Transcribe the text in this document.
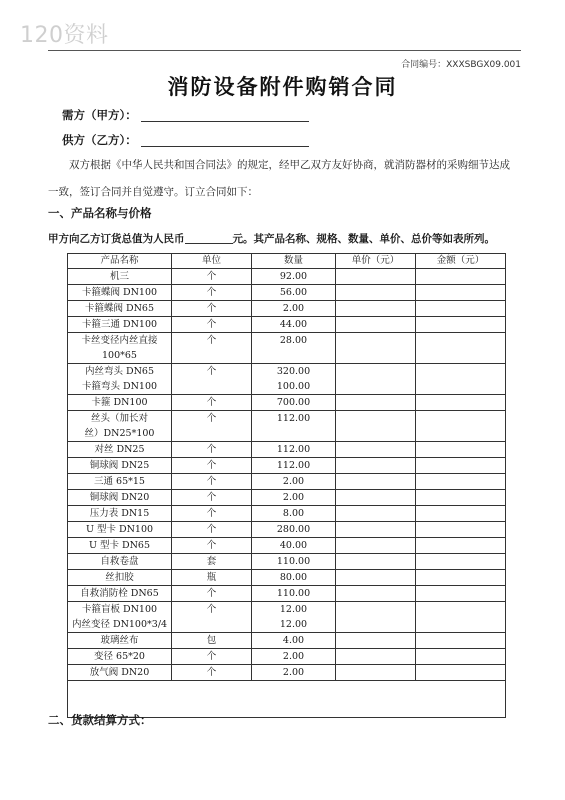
120资料
合同编号：XXXSBGX09.001
消防设备附件购销合同
需方（甲方）：
供方（乙方）：
双方根据《中华人民共和国合同法》的规定，经甲乙双方友好协商，就消防器材的采购细节达成一致，签订合同并自觉遵守。订立合同如下：
一、产品名称与价格
甲方向乙方订货总值为人民币	元。其产品名称、规格、数量、单价、总价等如表所列。
产品名称	单位	数量	单价（元）	金额（元）

机三	个	92.00		

卡箍蝶阀 DN100	个	56.00		

卡箍蝶阀 DN65	个	2.00		

卡箍三通 DN100	个	44.00		

卡丝变径内丝直接
100*65	个	28.00		

内丝弯头 DN65
卡箍弯头 DN100	个	320.00
100.00		

卡箍 DN100	个	700.00		

丝头（加长对
丝）DN25*100	个	112.00		

对丝 DN25	个	112.00		

铜球阀 DN25	个	112.00		

三通 65*15	个	2.00		

铜球阀 DN20	个	2.00		

压力表 DN15	个	8.00		

U 型卡 DN100	个	280.00		

U 型卡 DN65	个	40.00		

自救卷盘	套	110.00		

丝扣胶	瓶	80.00		

自救消防栓 DN65	个	110.00		

卡箍盲板 DN100
内丝变径 DN100*3/4	个	12.00
12.00		

玻璃丝布	包	4.00		

变径 65*20	个	2.00		

放气阀 DN20	个	2.00		

二、货款结算方式：
